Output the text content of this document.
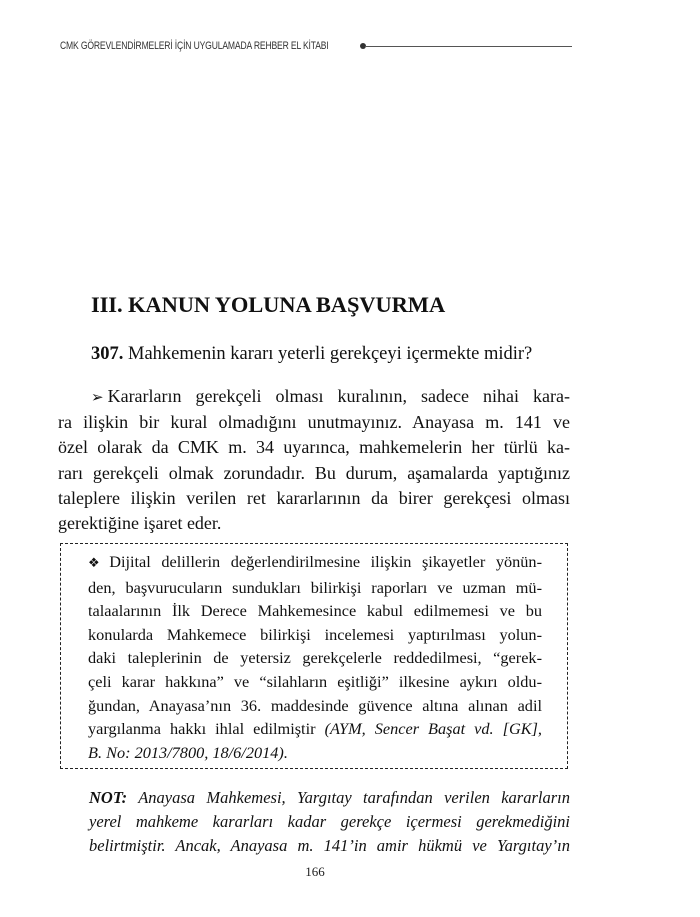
CMK GÖREVLENDİRMELERİ İÇİN UYGULAMADA REHBER EL KİTABI
III. KANUN YOLUNA BAŞVURMA
307. Mahkemenin kararı yeterli gerekçeyi içermekte midir?
➢ Kararların gerekçeli olması kuralının, sadece nihai kara-
ra ilişkin bir kural olmadığını unutmayınız. Anayasa m. 141 ve
özel olarak da CMK m. 34 uyarınca, mahkemelerin her türlü ka-
rarı gerekçeli olmak zorundadır. Bu durum, aşamalarda yaptığınız
taleplere ilişkin verilen ret kararlarının da birer gerekçesi olması
gerektiğine işaret eder.
❖ Dijital delillerin değerlendirilmesine ilişkin şikayetler yönün-
den, başvurucuların sundukları bilirkişi raporları ve uzman mü-
talaalarının İlk Derece Mahkemesince kabul edilmemesi ve bu
konularda Mahkemece bilirkişi incelemesi yaptırılması yolun-
daki taleplerinin de yetersiz gerekçelerle reddedilmesi, “gerek-
çeli karar hakkına” ve “silahların eşitliği” ilkesine aykırı oldu-
ğundan, Anayasa’nın 36. maddesinde güvence altına alınan adil
yargılanma hakkı ihlal edilmiştir (AYM, Sencer Başat vd. [GK],
B. No: 2013/7800, 18/6/2014).
NOT: Anayasa Mahkemesi, Yargıtay tarafından verilen kararların
yerel mahkeme kararları kadar gerekçe içermesi gerekmediğini
belirtmiştir. Ancak, Anayasa m. 141’in amir hükmü ve Yargıtay’ın
166
